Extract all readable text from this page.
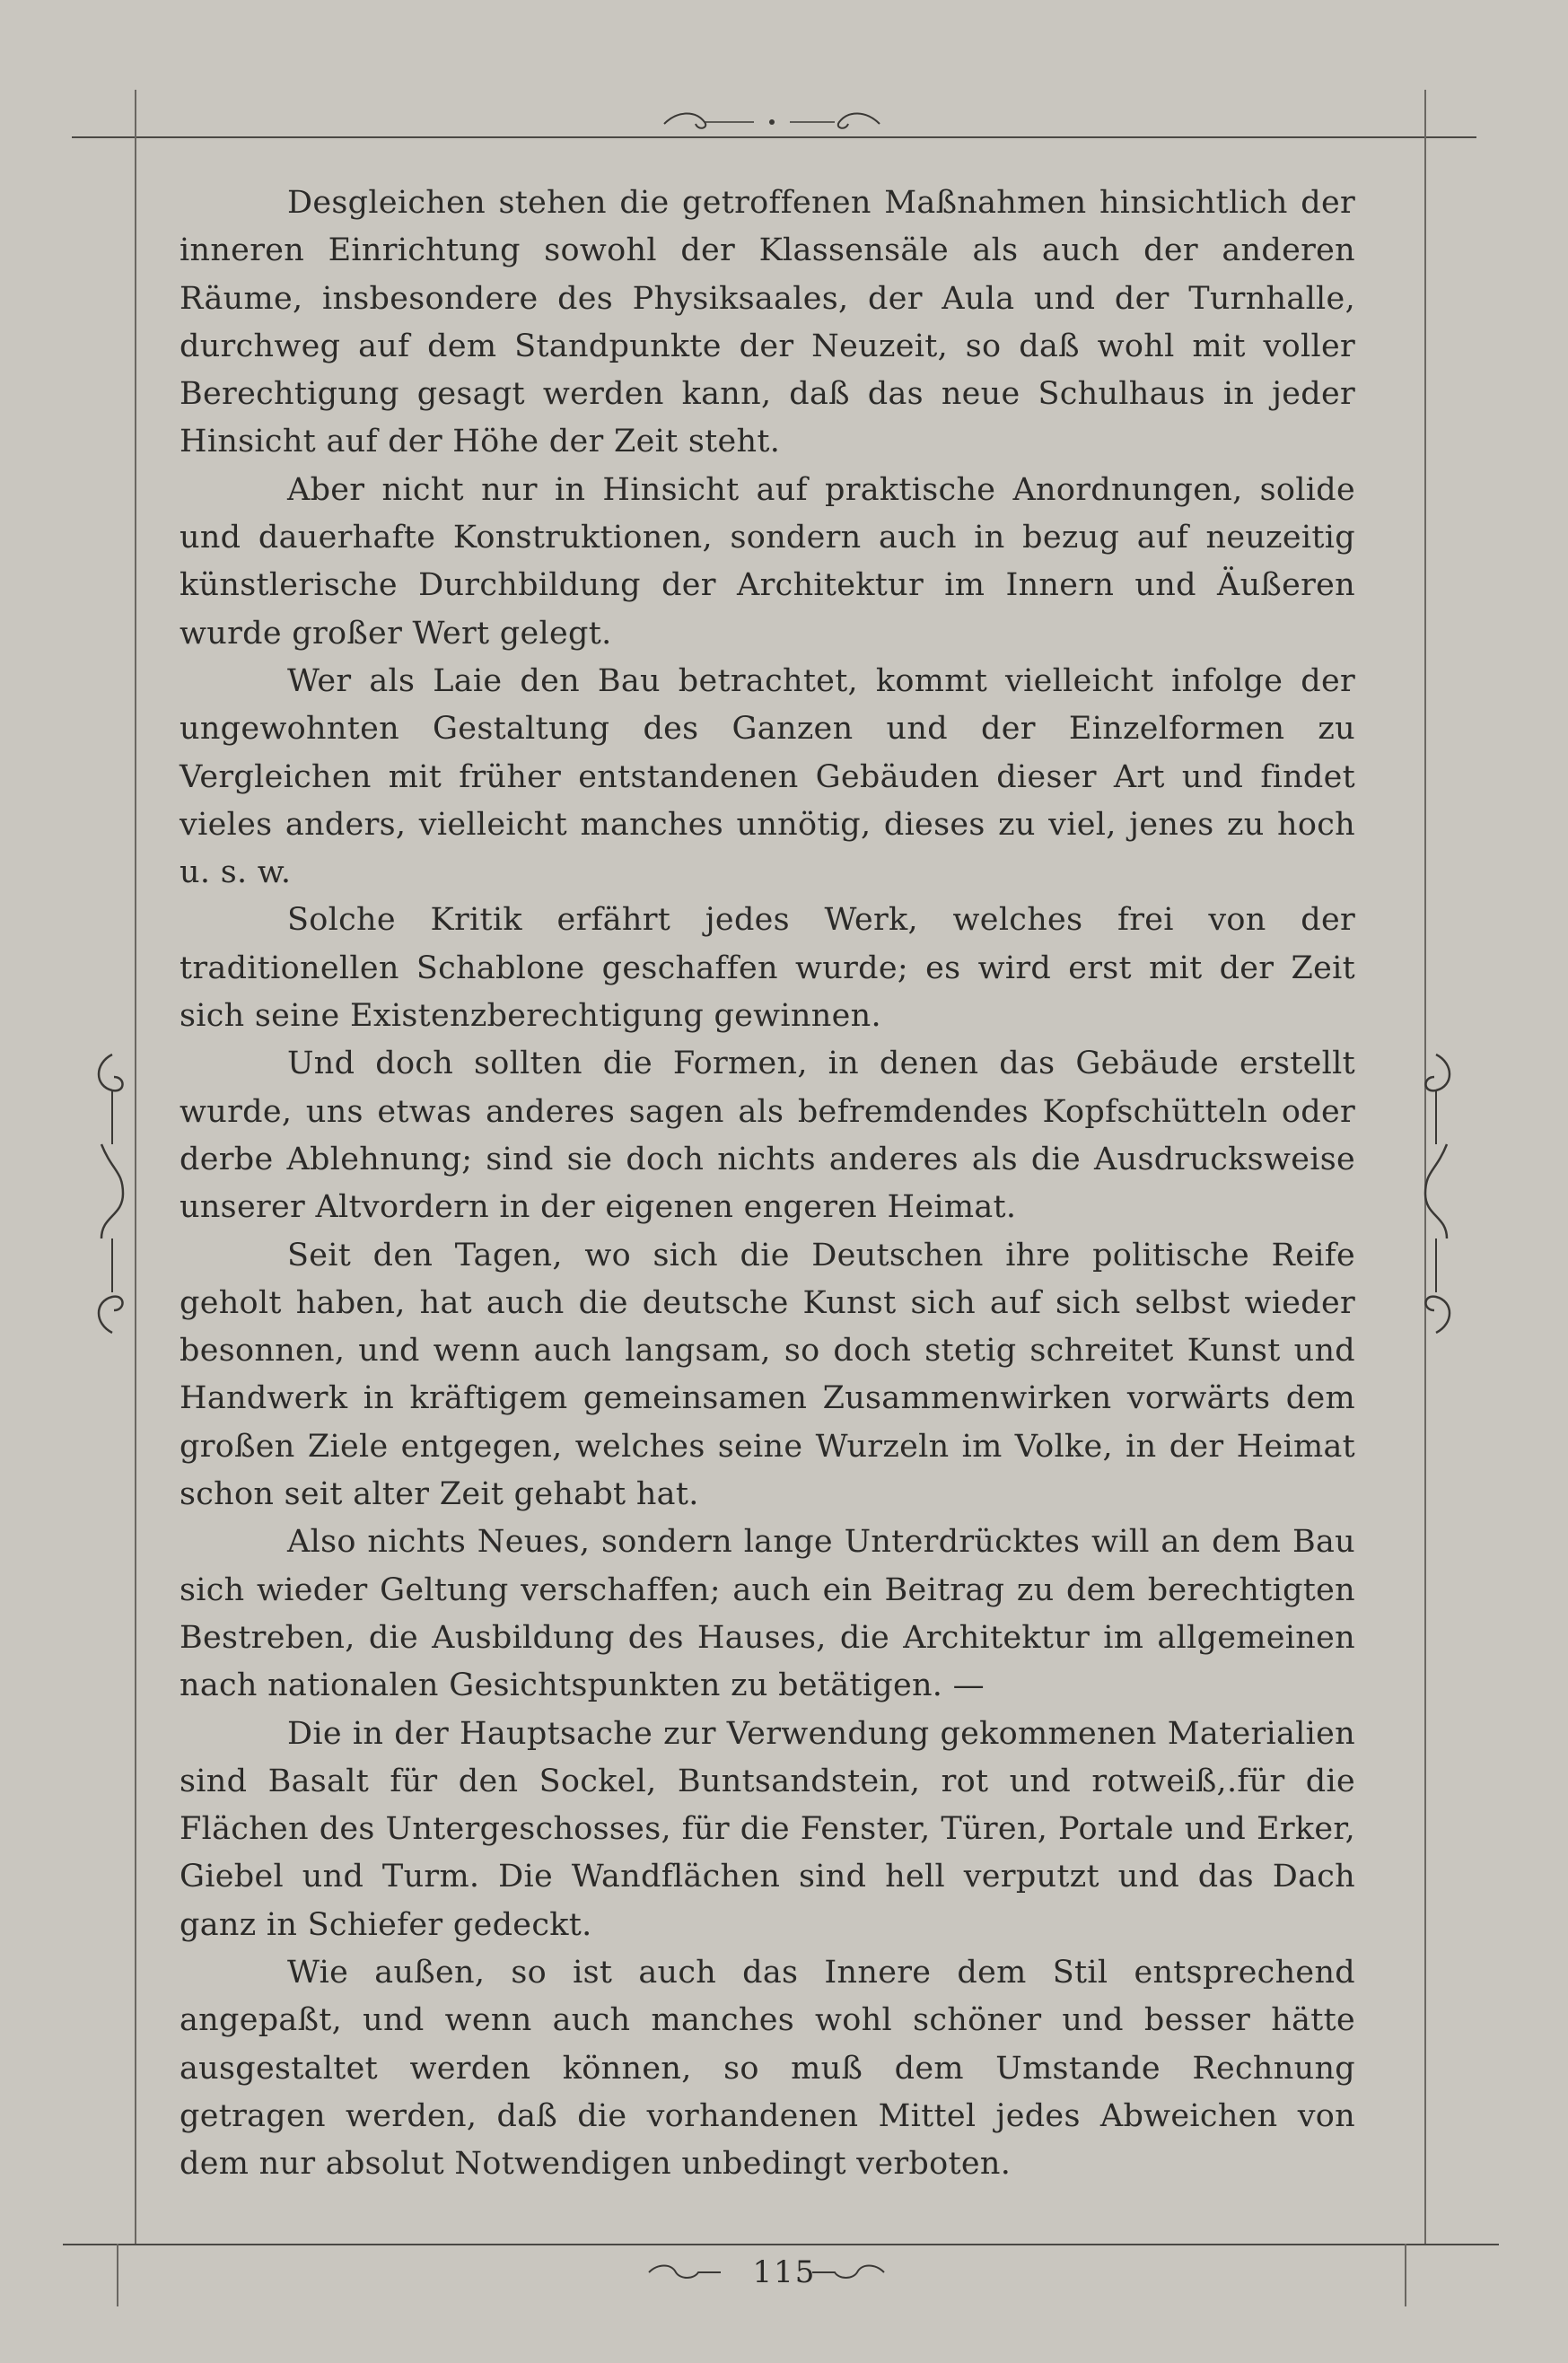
Desgleichen stehen die getroffenen Maßnahmen hinsichtlich der inneren Einrichtung sowohl der Klassensäle als auch der anderen Räume, insbesondere des Physiksaales, der Aula und der Turnhalle, durchweg auf dem Standpunkte der Neuzeit, so daß wohl mit voller Berechtigung gesagt werden kann, daß das neue Schulhaus in jeder Hinsicht auf der Höhe der Zeit steht.

Aber nicht nur in Hinsicht auf praktische Anordnungen, solide und dauerhafte Konstruktionen, sondern auch in bezug auf neuzeitig künstlerische Durchbildung der Architektur im Innern und Äußeren wurde großer Wert gelegt.

Wer als Laie den Bau betrachtet, kommt vielleicht infolge der ungewohnten Gestaltung des Ganzen und der Einzelformen zu Vergleichen mit früher entstandenen Gebäuden dieser Art und findet vieles anders, vielleicht manches unnötig, dieses zu viel, jenes zu hoch u. s. w.

Solche Kritik erfährt jedes Werk, welches frei von der traditionellen Schablone geschaffen wurde; es wird erst mit der Zeit sich seine Existenzberechtigung gewinnen.

Und doch sollten die Formen, in denen das Gebäude erstellt wurde, uns etwas anderes sagen als befremdendes Kopfschütteln oder derbe Ablehnung; sind sie doch nichts anderes als die Ausdrucksweise unserer Altvordern in der eigenen engeren Heimat.

Seit den Tagen, wo sich die Deutschen ihre politische Reife geholt haben, hat auch die deutsche Kunst sich auf sich selbst wieder besonnen, und wenn auch langsam, so doch stetig schreitet Kunst und Handwerk in kräftigem gemeinsamen Zusammenwirken vorwärts dem großen Ziele entgegen, welches seine Wurzeln im Volke, in der Heimat schon seit alter Zeit gehabt hat.

Also nichts Neues, sondern lange Unterdrücktes will an dem Bau sich wieder Geltung verschaffen; auch ein Beitrag zu dem berechtigten Bestreben, die Ausbildung des Hauses, die Architektur im allgemeinen nach nationalen Gesichtspunkten zu betätigen. —

Die in der Hauptsache zur Verwendung gekommenen Materialien sind Basalt für den Sockel, Buntsandstein, rot und rotweiß,.für die Flächen des Untergeschosses, für die Fenster, Türen, Portale und Erker, Giebel und Turm. Die Wandflächen sind hell verputzt und das Dach ganz in Schiefer gedeckt.

Wie außen, so ist auch das Innere dem Stil entsprechend angepaßt, und wenn auch manches wohl schöner und besser hätte ausgestaltet werden können, so muß dem Umstande Rechnung getragen werden, daß die vorhandenen Mittel jedes Abweichen von dem nur absolut Notwendigen unbedingt verboten.

115
